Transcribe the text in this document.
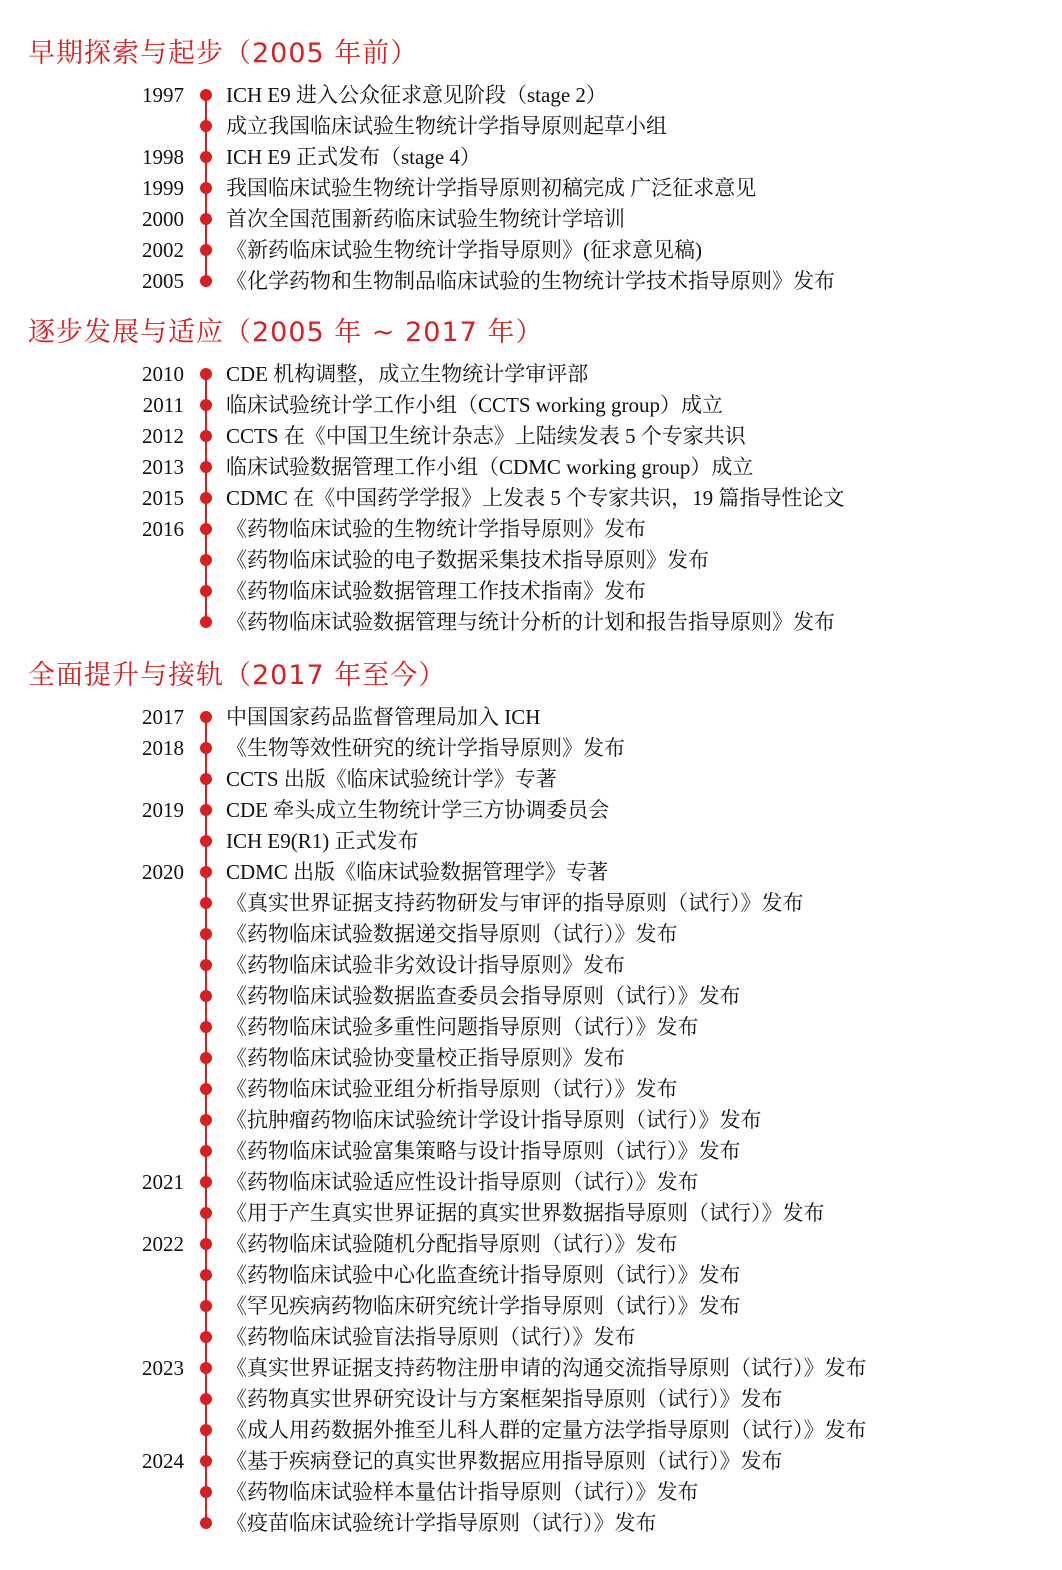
早期探索与起步（2005 年前）
1997 ICH E9 进入公众征求意见阶段（stage 2）
成立我国临床试验生物统计学指导原则起草小组
1998 ICH E9 正式发布（stage 4）
1999 我国临床试验生物统计学指导原则初稿完成 广泛征求意见
2000 首次全国范围新药临床试验生物统计学培训
2002 《新药临床试验生物统计学指导原则》(征求意见稿)
2005 《化学药物和生物制品临床试验的生物统计学技术指导原则》发布
逐步发展与适应（2005 年 ~ 2017 年）
2010 CDE 机构调整，成立生物统计学审评部
2011 临床试验统计学工作小组（CCTS working group）成立
2012 CCTS 在《中国卫生统计杂志》上陆续发表 5 个专家共识
2013 临床试验数据管理工作小组（CDMC working group）成立
2015 CDMC 在《中国药学学报》上发表 5 个专家共识，19 篇指导性论文
2016 《药物临床试验的生物统计学指导原则》发布
《药物临床试验的电子数据采集技术指导原则》发布
《药物临床试验数据管理工作技术指南》发布
《药物临床试验数据管理与统计分析的计划和报告指导原则》发布
全面提升与接轨（2017 年至今）
2017 中国国家药品监督管理局加入 ICH
2018 《生物等效性研究的统计学指导原则》发布
CCTS 出版《临床试验统计学》专著
2019 CDE 牵头成立生物统计学三方协调委员会
ICH E9(R1) 正式发布
2020 CDMC 出版《临床试验数据管理学》专著
《真实世界证据支持药物研发与审评的指导原则（试行）》发布
《药物临床试验数据递交指导原则（试行）》发布
《药物临床试验非劣效设计指导原则》发布
《药物临床试验数据监查委员会指导原则（试行）》发布
《药物临床试验多重性问题指导原则（试行）》发布
《药物临床试验协变量校正指导原则》发布
《药物临床试验亚组分析指导原则（试行）》发布
《抗肿瘤药物临床试验统计学设计指导原则（试行）》发布
《药物临床试验富集策略与设计指导原则（试行）》发布
2021 《药物临床试验适应性设计指导原则（试行）》发布
《用于产生真实世界证据的真实世界数据指导原则（试行）》发布
2022 《药物临床试验随机分配指导原则（试行）》发布
《药物临床试验中心化监查统计指导原则（试行）》发布
《罕见疾病药物临床研究统计学指导原则（试行）》发布
《药物临床试验盲法指导原则（试行）》发布
2023 《真实世界证据支持药物注册申请的沟通交流指导原则（试行）》发布
《药物真实世界研究设计与方案框架指导原则（试行）》发布
《成人用药数据外推至儿科人群的定量方法学指导原则（试行）》发布
2024 《基于疾病登记的真实世界数据应用指导原则（试行）》发布
《药物临床试验样本量估计指导原则（试行）》发布
《疫苗临床试验统计学指导原则（试行）》发布
